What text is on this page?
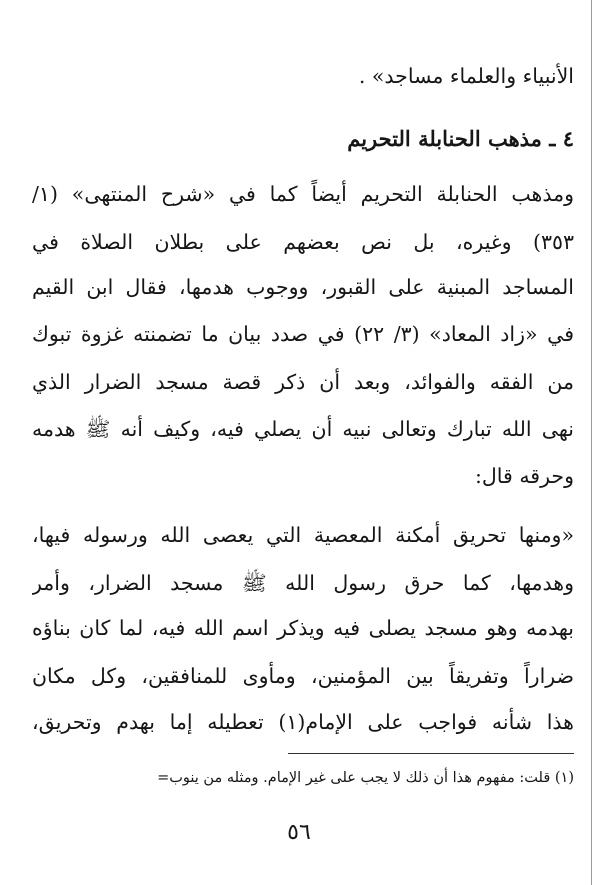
الأنبياء والعلماء مساجد» .

٤ ـ مذهب الحنابلة التحريم

ومذهب الحنابلة التحريم أيضاً كما في «شرح المنتهى» (١/

٣٥٣) وغيره، بل نص بعضهم على بطلان الصلاة في

المساجد المبنية على القبور، ووجوب هدمها، فقال ابن القيم

في «زاد المعاد» (٣/ ٢٢) في صدد بيان ما تضمنته غزوة تبوك

من الفقه والفوائد، وبعد أن ذكر قصة مسجد الضرار الذي

نهى الله تبارك وتعالى نبيه أن يصلي فيه، وكيف أنه ﷺ هدمه

وحرقه قال:

«ومنها تحريق أمكنة المعصية التي يعصى الله ورسوله فيها،

وهدمها، كما حرق رسول الله ﷺ مسجد الضرار، وأمر

بهدمه وهو مسجد يصلى فيه ويذكر اسم الله فيه، لما كان بناؤه

ضراراً وتفريقاً بين المؤمنين، ومأوى للمنافقين، وكل مكان

هذا شأنه فواجب على الإمام(١) تعطيله إما بهدم وتحريق،

(١) قلت: مفهوم هذا أن ذلك لا يجب على غير الإمام. ومثله من ينوب=

٥٦
